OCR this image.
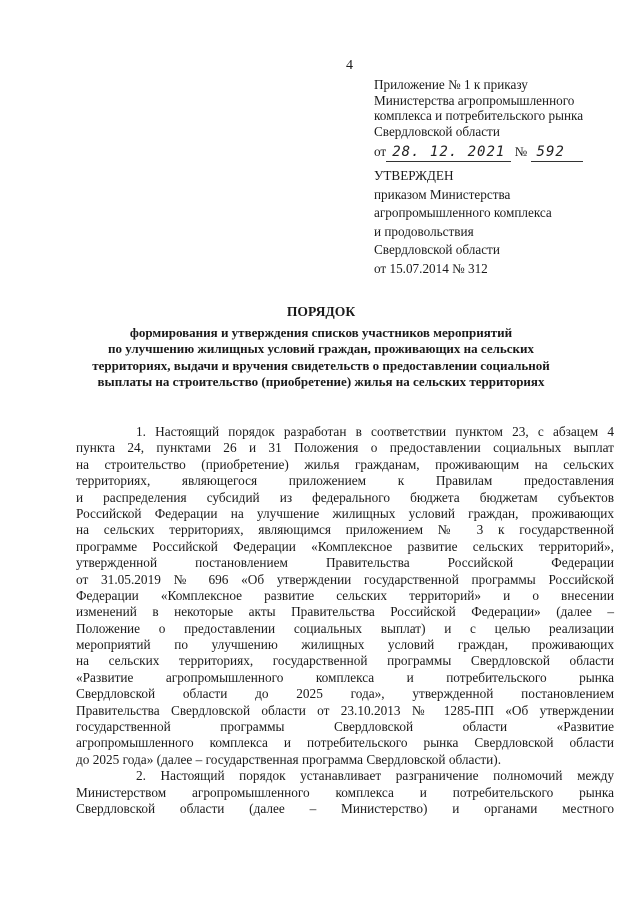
4
Приложение № 1 к приказу
Министерства агропромышленного
комплекса и потребительского рынка
Свердловской области
от 28. 12. 2021 № 592
УТВЕРЖДЕН
приказом Министерства
агропромышленного комплекса
и продовольствия
Свердловской области
от 15.07.2014 № 312
ПОРЯДОК
формирования и утверждения списков участников мероприятий
по улучшению жилищных условий граждан, проживающих на сельских
территориях, выдачи и вручения свидетельств о предоставлении социальной
выплаты на строительство (приобретение) жилья на сельских территориях
1. Настоящий порядок разработан в соответствии пунктом 23, с абзацем 4
пункта 24, пунктами 26 и 31 Положения о предоставлении социальных выплат
на строительство (приобретение) жилья гражданам, проживающим на сельских
территориях, являющегося приложением к Правилам предоставления
и распределения субсидий из федерального бюджета бюджетам субъектов
Российской Федерации на улучшение жилищных условий граждан, проживающих
на сельских территориях, являющимся приложением № 3 к государственной
программе Российской Федерации «Комплексное развитие сельских территорий»,
утвержденной постановлением Правительства Российской Федерации
от 31.05.2019 № 696 «Об утверждении государственной программы Российской
Федерации «Комплексное развитие сельских территорий» и о внесении
изменений в некоторые акты Правительства Российской Федерации» (далее –
Положение о предоставлении социальных выплат) и с целью реализации
мероприятий по улучшению жилищных условий граждан, проживающих
на сельских территориях, государственной программы Свердловской области
«Развитие агропромышленного комплекса и потребительского рынка
Свердловской области до 2025 года», утвержденной постановлением
Правительства Свердловской области от 23.10.2013 № 1285-ПП «Об утверждении
государственной программы Свердловской области «Развитие
агропромышленного комплекса и потребительского рынка Свердловской области
до 2025 года» (далее – государственная программа Свердловской области).
2. Настоящий порядок устанавливает разграничение полномочий между
Министерством агропромышленного комплекса и потребительского рынка
Свердловской области (далее – Министерство) и органами местного
